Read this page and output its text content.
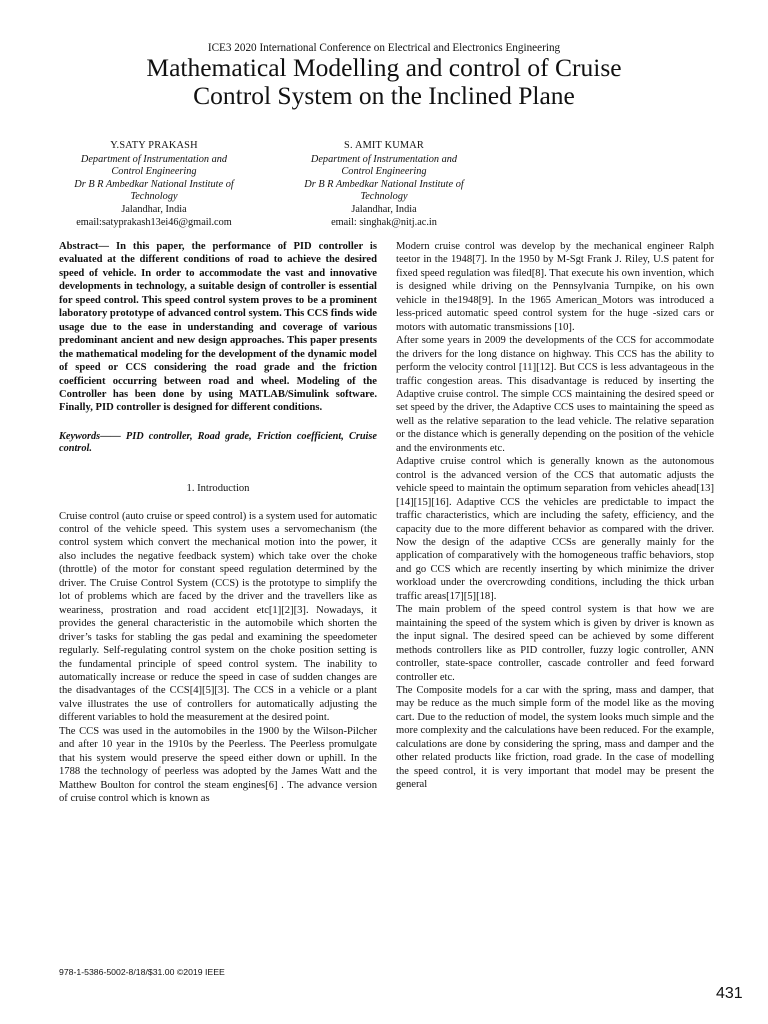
ICE3 2020 International Conference on Electrical and Electronics Engineering
Mathematical Modelling and control of Cruise
Control System on the Inclined Plane
Y.SATY PRAKASH
Department of Instrumentation and
Control Engineering
Dr B R Ambedkar National Institute of
Technology
Jalandhar, India
email:satyprakash13ei46@gmail.com
S. AMIT KUMAR
Department of Instrumentation and
Control Engineering
Dr B R Ambedkar National Institute of
Technology
Jalandhar, India
email: singhak@nitj.ac.in

Abstract— In this paper, the performance of PID controller is evaluated at the different conditions of road to achieve the desired speed of vehicle. In order to accommodate the vast and innovative developments in technology, a suitable design of controller is essential for speed control. This speed control system proves to be a prominent laboratory prototype of advanced control system. This CCS finds wide usage due to the ease in understanding and coverage of various predominant ancient and new design approaches. This paper presents the mathematical modeling for the development of the dynamic model of speed or CCS considering the road grade and the friction coefficient occurring between road and wheel. Modeling of the Controller has been done by using MATLAB/Simulink software. Finally, PID controller is designed for different conditions.

Keywords—— PID controller, Road grade, Friction coefficient, Cruise control.

1. Introduction

Cruise control (auto cruise or speed control) is a system used for automatic control of the vehicle speed. This system uses a servomechanism (the control system which convert the mechanical motion into the power, it also includes the negative feedback system) which take over the choke (throttle) of the motor for constant speed regulation determined by the driver. The Cruise Control System (CCS) is the prototype to simplify the lot of problems which are faced by the driver and the travellers like as weariness, prostration and road accident etc[1][2][3]. Nowadays, it provides the general characteristic in the automobile which shorten the driver’s tasks for stabling the gas pedal and examining the speedometer regularly. Self-regulating control system on the choke position setting is the fundamental principle of speed control system. The inability to automatically increase or reduce the speed in case of sudden changes are the disadvantages of the CCS[4][5][3]. The CCS in a vehicle or a plant valve illustrates the use of controllers for automatically adjusting the different variables to hold the measurement at the desired point.

The CCS was used in the automobiles in the 1900 by the Wilson-Pilcher and after 10 year in the 1910s by the Peerless. The Peerless promulgate that his system would preserve the speed either down or uphill. In the 1788 the technology of peerless was adopted by the James Watt and the Matthew Boulton for control the steam engines[6] . The advance version of cruise control which is known as

Modern cruise control was develop by the mechanical engineer Ralph teetor in the 1948[7]. In the 1950 by M-Sgt Frank J. Riley, U.S patent for fixed speed regulation was filed[8]. That execute his own invention, which is designed while driving on the Pennsylvania Turnpike, on his own vehicle in the1948[9]. In the 1965 American_Motors was introduced a less-priced automatic speed control system for the huge -sized cars or motors with automatic transmissions [10].

After some years in 2009 the developments of the CCS for accommodate the drivers for the long distance on highway. This CCS has the ability to perform the velocity control [11][12]. But CCS is less advantageous in the traffic congestion areas. This disadvantage is reduced by inserting the Adaptive cruise control. The simple CCS maintaining the desired speed or set speed by the driver, the Adaptive CCS uses to maintaining the speed as well as the relative separation to the lead vehicle. The relative separation or the distance which is generally depending on the position of the vehicle and the environments etc.

Adaptive cruise control which is generally known as the autonomous control is the advanced version of the CCS that automatic adjusts the vehicle speed to maintain the optimum separation from vehicles ahead[13][14][15][16]. Adaptive CCS the vehicles are predictable to impact the traffic characteristics, which are including the safety, efficiency, and the capacity due to the more different behavior as compared with the driver. Now the design of the adaptive CCSs are generally mainly for the application of comparatively with the homogeneous traffic behaviors, stop and go CCS which are recently inserting by which minimize the driver workload under the overcrowding conditions, including the thick urban traffic areas[17][5][18].

The main problem of the speed control system is that how we are maintaining the speed of the system which is given by driver is known as the input signal. The desired speed can be achieved by some different methods controllers like as PID controller, fuzzy logic controller, ANN controller, state-space controller, cascade controller and feed forward controller etc.

The Composite models for a car with the spring, mass and damper, that may be reduce as the much simple form of the model like as the moving cart. Due to the reduction of model, the system looks much simple and the more complexity and the calculations have been reduced. For the example, calculations are done by considering the spring, mass and damper and the other related products like friction, road grade. In the case of modelling the speed control, it is very important that model may be present the general

978-1-5386-5002-8/18/$31.00 ©2019 IEEE
431
